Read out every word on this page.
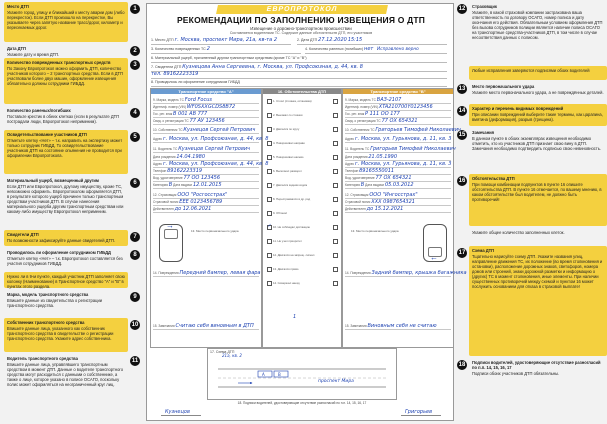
Место ДТП
Укажите город, улицу и ближайший к месту аварии дом (либо перекресток). Если ДТП произошло на перекрестке, Вы указываете через запятую название трасс/дорог, километр и пересекаемых дорог.
1
Дата ДТП
Укажите дату и время ДТП.
2
Количество поврежденных транспортных средств
По Закону Европротокол можно оформить ДТП, количество участников которого – 2 транспортных средства. Если в ДТП участвовали более двух машин, оформление извещения обязательно должны сотрудники ГИБДД.
3
Количество раненых/погибших
Поставьте крестик в обеих клетках (если в результате ДТП пострадали люди, Европротокол неприменим).
4
Освидетельствование участников ДТП
Отметьте клетку «Нет» – т.к. направить на экспертизу может только сотрудник ГИБДД. То освидетельствование участников ДТП на состояние опьянения не проводится при оформлении Европротокола.
5
Материальный ущерб, возмещенный другим
Если ДТП или Европротокол, другому имуществу, кроме ТС, невозможно оформить. Европротоколом оформляется ДТП, в результате которого ущерб причинен только транспортным средствам участников ДТП. В случае нанесения материального ущерба другим транспортным средствам или какому-либо имуществу Европротокол неприменим.
6
Свидетели ДТП
По возможности зафиксируйте данные свидетелей ДТП.
7
Проводилось ли оформление сотрудником ГИБДД
Отметьте клетку «Нет» – т.к. Европротокол составляется без участия сотрудников ГИБДД.
8
Нужно ли в 9-м пункте, каждый участник ДТП заполняет свою колонку (Наименование) в Транспортное средство "A" и "B" в пунктах этого раздела.
Марка, модель транспортного средства
Впишите данные из свидетельства о регистрации транспортного средства.
9
Собственник транспортного средства
Впишите данные лица, указанного как собственник транспортного средства в свидетельстве о регистрации транспортного средства. Укажите адрес собственника.
10
Водитель транспортного средства
Впишите данные лица, управлявшего транспортным средством в момент ДТП. Данные о водителе транспортного средства могут расходиться с данными о собственнике, а также о лице, которое указано в полисе ОСАГО, поскольку полис может оформляться на неограниченный круг лиц.
11
Страховщик
Укажите, в какой страховой компании застрахована ваша ответственность по договору ОСАГО, номер полиса и дату окончания его действия. Обязательным условием оформления ДТП без вызова сотрудников полиции является наличие полиса ОСАГО на транспортные средства-участников ДТП, в том числе в случае несоответствия данных с полисом.
12
Любые исправления заверяются подписями обоих водителей
Место первоначального удара
Укажите место первоначального удара, а не повреждённых деталей.
13
Характер и перечень видимых повреждений
При описании повреждений выберите такие термины, как царапина, вмятина (деформация), разрыв (трещина).
14
Замечания
В данном пункте в обоих экземплярах извещения необходимо отметить, кто из участников ДТП признает свою вину в ДТП. Замечания необходимо подтвердить подписью свою невиновность.
15
Обстоятельства ДТП
При помощи комбинации подпунктов в пункте 16 опишите обстоятельства ДТП. В пункте 16 отмечается, по вашему мнению, в каком обстоятельстве был водителем, не должно быть противоречий!
16
Укажите общее количество заполненных клеток.
Схема ДТП
Тщательно нарисуйте схему ДТП. Укажите названия улиц, направление движения ТС, их положение (во время столкновения и остановки), расположение дорожных знаков, светофоров, номера домов или строений, знаки дорожной разметки и информацию о (других) ТС в момент столкновения, иные элементы. При наличии существенных противоречий между схемой и пунктом 16 может послужить основанием для отказа в страховой выплате!
17
Подписи водителей, удостоверяющие отсутствие разногласий по п.п. 14, 15, 16, 17
Подписи обоих участников ДТП обязательны.
18
ЕВРОПРОТОКОЛ
РЕКОМЕНДАЦИИ ПО ЗАПОЛНЕНИЮ ИЗВЕЩЕНИЯ О ДТП
Извещение о дорожно-транспортном происшествии
Составляется водителями ТС. Содержит данные обстоятельств ДТП, его участников
1. Место ДТП г. Москва, проспект Мира, 21а, кв-та 2	2. Дата ДТП 27.12.2020 15:15
3. Количество поврежденных ТС 2	4. Количество раненых (погибших) нет
6. Материальный ущерб, причиненный другим транспортным средствам (кроме ТС "А" и "В")
7. Свидетели ДТП Кузнецова Анна Сергеевна, г. Москва, ул. Профсоюзная, д. 44, кв. 8
тел. 89162223319
8. Проводилось ли оформление сотрудником ГИБДД
Исправлено верно
Транспортное средство "А"
9. Марка, модель ТС Ford Focus
Идентиф. номер (VIN) WF0SXXGCDS8B72
Гос. рег. знак В 001 АВ 777
Свид. о регистрации ТС 77 АУ 123456
10. Собственник ТС Кузнецов Сергей Петрович
Адрес г. Москва, ул. Профсоюзная, д. 44, кв. 8
11. Водитель ТС Кузнецов Сергей Петрович
Дата рождения 14.04.1980
Адрес г. Москва, ул. Профсоюзная, д. 44, кв. 8
Телефон 89162223319
Вод. удостоверение 77 ОО 123456
Категория В Дата выдачи 12.01.2015
12. Страховщик ООО "Росгосстрах"
Страховой полис ЕЕЕ 0123456789
Действителен до 12.06.2021
→
13. Место первоначального удара
14. Повреждения Передний бампер, левая фара
15. Замечания Считаю себя виновным в ДТП
16. Обстоятельства ДТП
1. Стоял (стоянка, остановка)
2. Выезжал со стоянки
3. Двигался по кругу
4. Поворачивал направо
5. Поворачивал налево
6. Выполнял разворот
7. Двигался задним ходом
8. Перестраивался в др. ряд
9. Обгонял
✓
10. Не соблюдал дистанцию
11. Не учел приоритет
12. Двигался на запрещ. сигнал
13. Двигался прямо
14. Совершал наезд
1
Транспортное средство "В"
9. Марка, модель ТС ВАЗ-2107
Идентиф. номер (VIN) XTA210700Y0123456
Гос. рег. знак Р 111 ОО 177
Свид. о регистрации ТС 77 ОХ 654321
10. Собственник ТС Григорьев Тимофей Николаевич
Адрес г. Москва, ул. Гурьянова, д. 11, кв. 3
11. Водитель ТС Григорьев Тимофей Николаевич
Дата рождения 21.05.1990
Адрес г. Москва, ул. Гурьянова, д. 11, кв. 3
Телефон 89165550011
Вод. удостоверение 77 ОХ 654321
Категория В Дата выдачи 05.03.2012
12. Страховщик ООО "Ингосстрах"
Страховой полис ХХХ 0987654321
Действителен до 15.12.2021
←
13. Место первоначального удара
14. Повреждения Задний бампер, крышка багажника
15. Замечания Виновным себя не считаю
17. Схема ДТП
A	B
проспект Мира
21а, кв. 2
18. Подписи водителей, удостоверяющие отсутствие разногласий по п.п. 14, 15, 16, 17
Кузнецов	Григорьев
